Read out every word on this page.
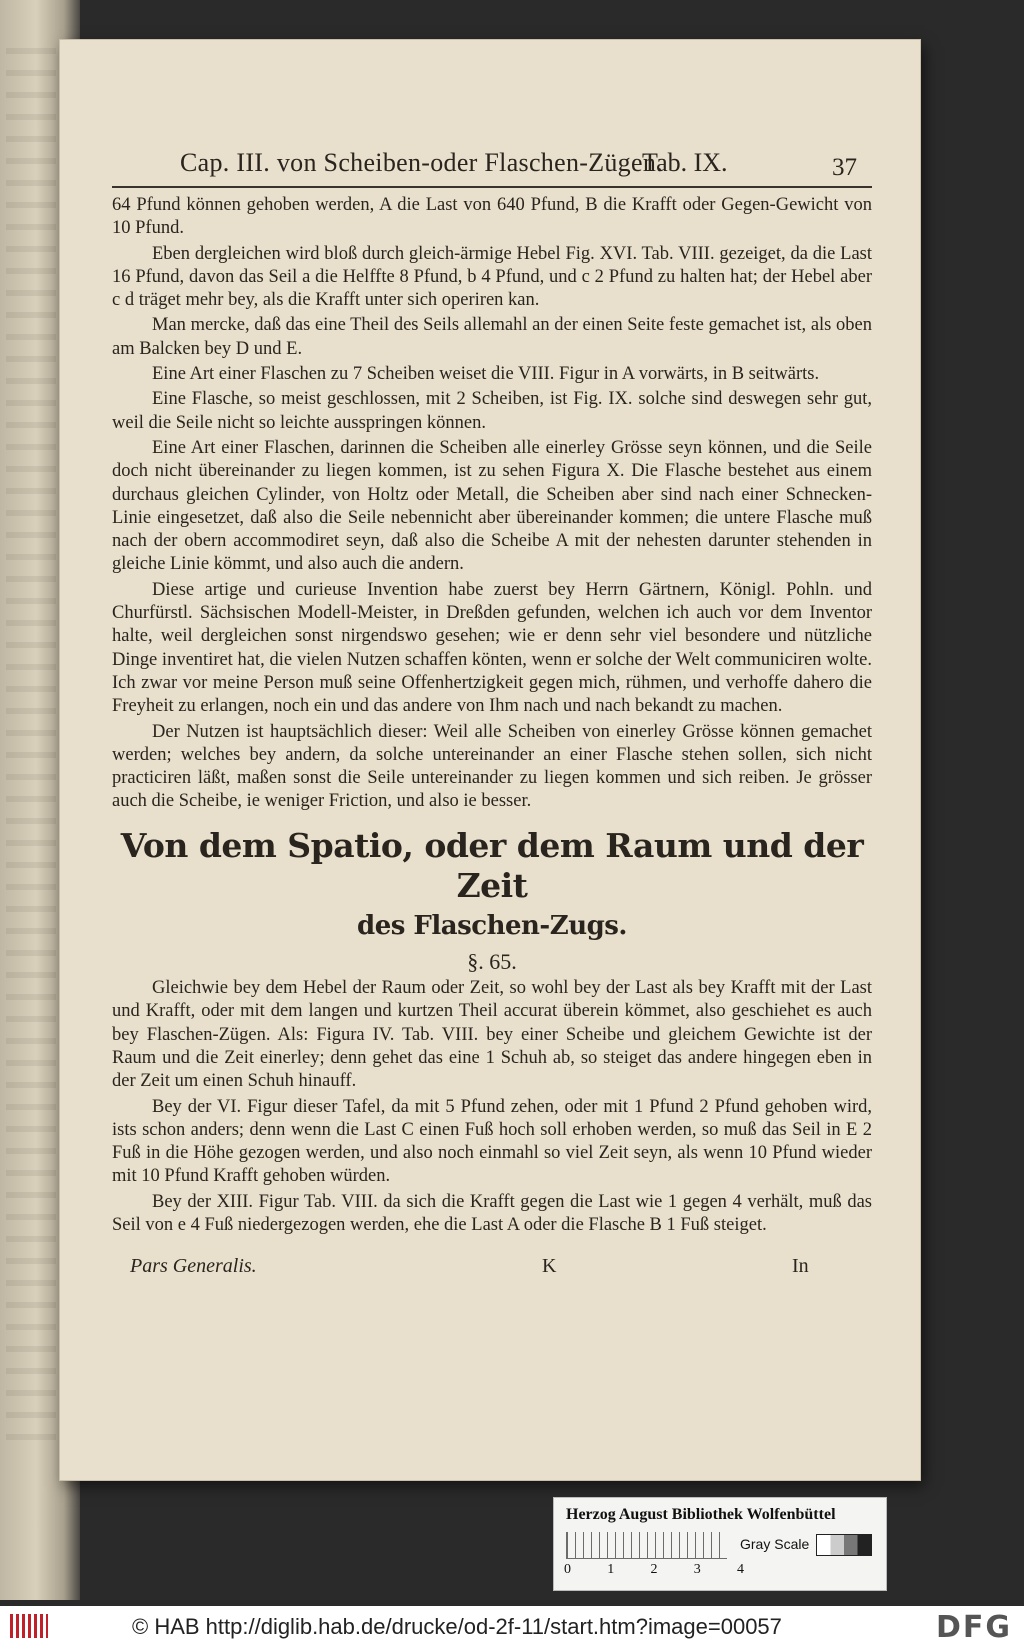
Cap. III. von Scheiben-oder Flaschen-Zügen.
Tab. IX.	37

64 Pfund können gehoben werden, A die Last von 640 Pfund, B die Krafft oder Gegen-Gewicht von 10 Pfund.

Eben dergleichen wird bloß durch gleich-ärmige Hebel Fig. XVI. Tab. VIII. gezeiget, da die Last 16 Pfund, davon das Seil a die Helffte 8 Pfund, b 4 Pfund, und c 2 Pfund zu halten hat; der Hebel aber c d träget mehr bey, als die Krafft unter sich operiren kan.

Man mercke, daß das eine Theil des Seils allemahl an der einen Seite feste gemachet ist, als oben am Balcken bey D und E.

Eine Art einer Flaschen zu 7 Scheiben weiset die VIII. Figur in A vorwärts, in B seitwärts.

Eine Flasche, so meist geschlossen, mit 2 Scheiben, ist Fig. IX. solche sind deswegen sehr gut, weil die Seile nicht so leichte ausspringen können.

Eine Art einer Flaschen, darinnen die Scheiben alle einerley Grösse seyn können, und die Seile doch nicht übereinander zu liegen kommen, ist zu sehen Figura X. Die Flasche bestehet aus einem durchaus gleichen Cylinder, von Holtz oder Metall, die Scheiben aber sind nach einer Schnecken-Linie eingesetzet, daß also die Seile nebennicht aber übereinander kommen; die untere Flasche muß nach der obern accommodiret seyn, daß also die Scheibe A mit der nehesten darunter stehenden in gleiche Linie kömmt, und also auch die andern.

Diese artige und curieuse Invention habe zuerst bey Herrn Gärtnern, Königl. Pohln. und Churfürstl. Sächsischen Modell-Meister, in Dreßden gefunden, welchen ich auch vor dem Inventor halte, weil dergleichen sonst nirgendswo gesehen; wie er denn sehr viel besondere und nützliche Dinge inventiret hat, die vielen Nutzen schaffen könten, wenn er solche der Welt communiciren wolte. Ich zwar vor meine Person muß seine Offenhertzigkeit gegen mich, rühmen, und verhoffe dahero die Freyheit zu erlangen, noch ein und das andere von Ihm nach und nach bekandt zu machen.

Der Nutzen ist hauptsächlich dieser: Weil alle Scheiben von einerley Grösse können gemachet werden; welches bey andern, da solche untereinander an einer Flasche stehen sollen, sich nicht practiciren läßt, maßen sonst die Seile untereinander zu liegen kommen und sich reiben. Je grösser auch die Scheibe, ie weniger Friction, und also ie besser.

Von dem Spatio, oder dem Raum und der Zeit
des Flaschen-Zugs.
§. 65.

Gleichwie bey dem Hebel der Raum oder Zeit, so wohl bey der Last als bey Krafft mit der Last und Krafft, oder mit dem langen und kurtzen Theil accurat überein kömmet, also geschiehet es auch bey Flaschen-Zügen. Als: Figura IV. Tab. VIII. bey einer Scheibe und gleichem Gewichte ist der Raum und die Zeit einerley; denn gehet das eine 1 Schuh ab, so steiget das andere hingegen eben in der Zeit um einen Schuh hinauff.

Bey der VI. Figur dieser Tafel, da mit 5 Pfund zehen, oder mit 1 Pfund 2 Pfund gehoben wird, ists schon anders; denn wenn die Last C einen Fuß hoch soll erhoben werden, so muß das Seil in E 2 Fuß in die Höhe gezogen werden, und also noch einmahl so viel Zeit seyn, als wenn 10 Pfund wieder mit 10 Pfund Krafft gehoben würden.

Bey der XIII. Figur Tab. VIII. da sich die Krafft gegen die Last wie 1 gegen 4 verhält, muß das Seil von e 4 Fuß niedergezogen werden, ehe die Last A oder die Flasche B 1 Fuß steiget.

Pars Generalis.	K	In
Herzog August Bibliothek Wolfenbüttel
0	1	2	3	4
Gray Scale
© HAB http://diglib.hab.de/drucke/od-2f-11/start.htm?image=00057	DFG
